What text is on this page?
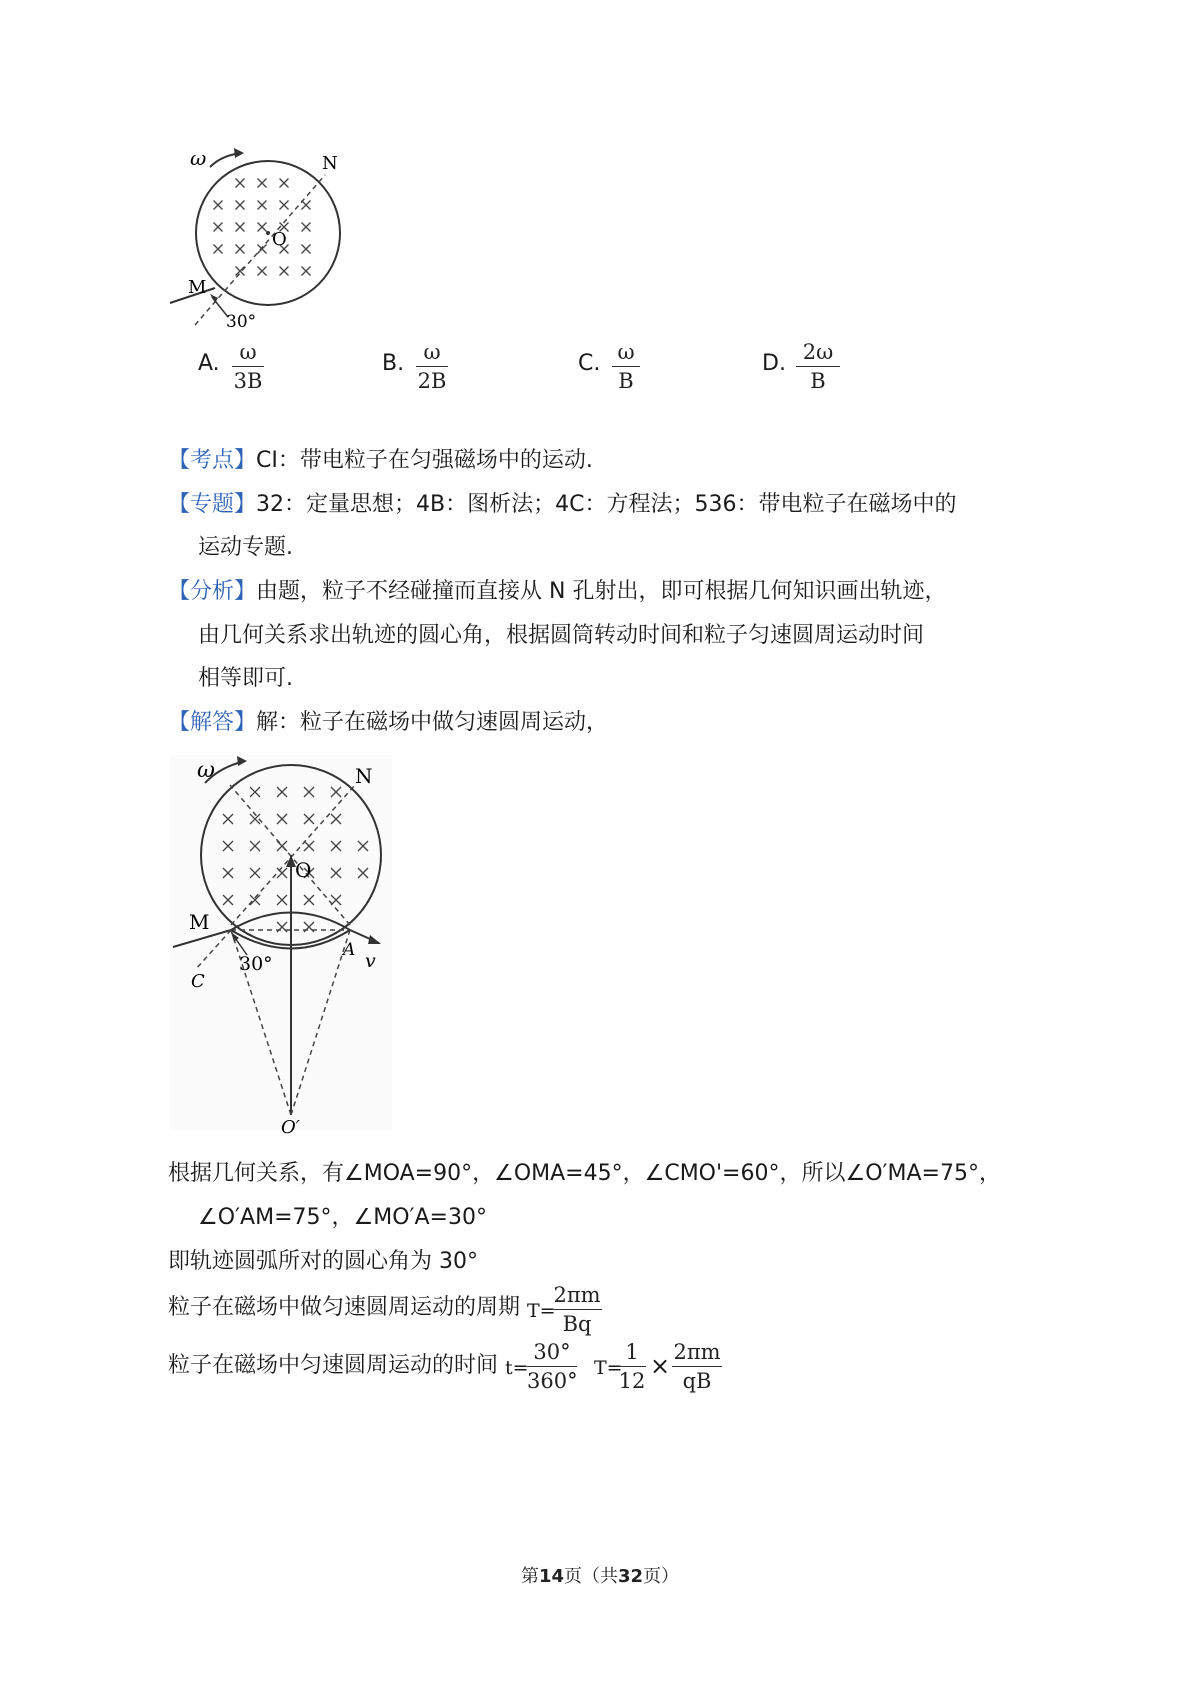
ω	N
O
M
30°
A. ω
3B
B. ω
2B
C. ω
B
D. 2ω
B
【考点】CI：带电粒子在匀强磁场中的运动.
【专题】32：定量思想；4B：图析法；4C：方程法；536：带电粒子在磁场中的
运动专题.
【分析】由题，粒子不经碰撞而直接从 N 孔射出，即可根据几何知识画出轨迹，
由几何关系求出轨迹的圆心角，根据圆筒转动时间和粒子匀速圆周运动时间
相等即可.
【解答】解：粒子在磁场中做匀速圆周运动，
ω	N
O
M
30°
A v
C
O′
根据几何关系，有∠MOA=90°，∠OMA=45°，∠CMO'=60°，所以∠O′MA=75°，
∠O′AM=75°，∠MO′A=30°
即轨迹圆弧所对的圆心角为 30°
粒子在磁场中做匀速圆周运动的周期 T=
2πm
Bq
粒子在磁场中匀速圆周运动的时间 t=
30°
360°
T=
1
12
× 2πm
qB
第14页（共32页）
